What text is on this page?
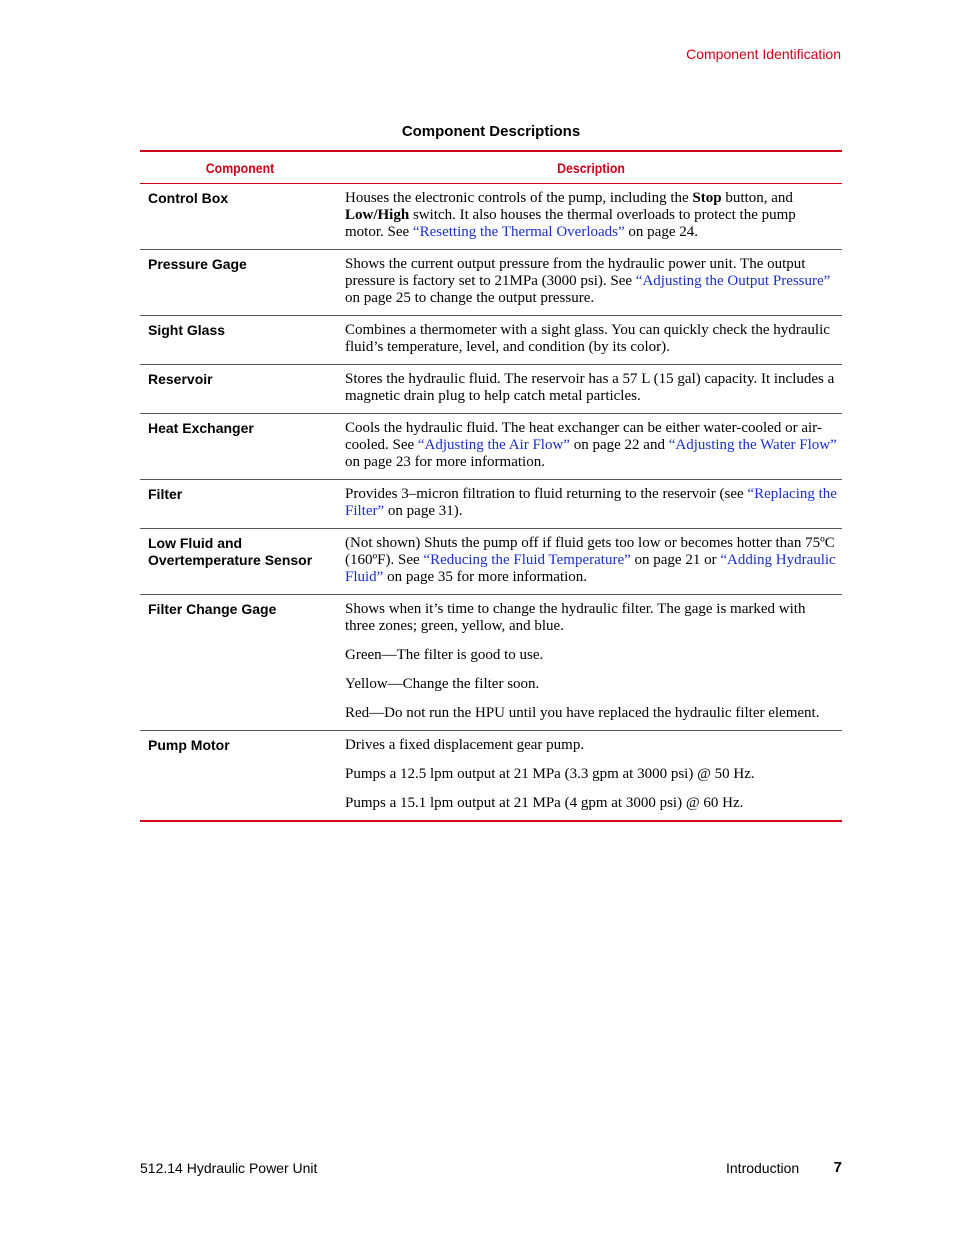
Component Identification
Component Descriptions
Component	Description
Control Box	Houses the electronic controls of the pump, including the Stop button, and Low/High switch. It also houses the thermal overloads to protect the pump motor. See “Resetting the Thermal Overloads” on page 24.

Pressure Gage	Shows the current output pressure from the hydraulic power unit. The output pressure is factory set to 21MPa (3000 psi). See “Adjusting the Output Pressure” on page 25 to change the output pressure.

Sight Glass	Combines a thermometer with a sight glass. You can quickly check the hydraulic fluid’s temperature, level, and condition (by its color).

Reservoir	Stores the hydraulic fluid. The reservoir has a 57 L (15 gal) capacity. It includes a magnetic drain plug to help catch metal particles.

Heat Exchanger	Cools the hydraulic fluid. The heat exchanger can be either water-cooled or air-cooled. See “Adjusting the Air Flow” on page 22 and “Adjusting the Water Flow” on page 23 for more information.

Filter	Provides 3–micron filtration to fluid returning to the reservoir (see “Replacing the Filter” on page 31).

Low Fluid and Overtemperature Sensor	(Not shown) Shuts the pump off if fluid gets too low or becomes hotter than 75ºC (160ºF). See “Reducing the Fluid Temperature” on page 21 or “Adding Hydraulic Fluid” on page 35 for more information.

Filter Change Gage	Shows when it’s time to change the hydraulic filter. The gage is marked with three zones; green, yellow, and blue.

Green—The filter is good to use.

Yellow—Change the filter soon.

Red—Do not run the HPU until you have replaced the hydraulic filter element.

Pump Motor	Drives a fixed displacement gear pump.

Pumps a 12.5 lpm output at 21 MPa (3.3 gpm at 3000 psi) @ 50 Hz.

Pumps a 15.1 lpm output at 21 MPa (4 gpm at 3000 psi) @ 60 Hz.

512.14 Hydraulic Power Unit	Introduction 7
